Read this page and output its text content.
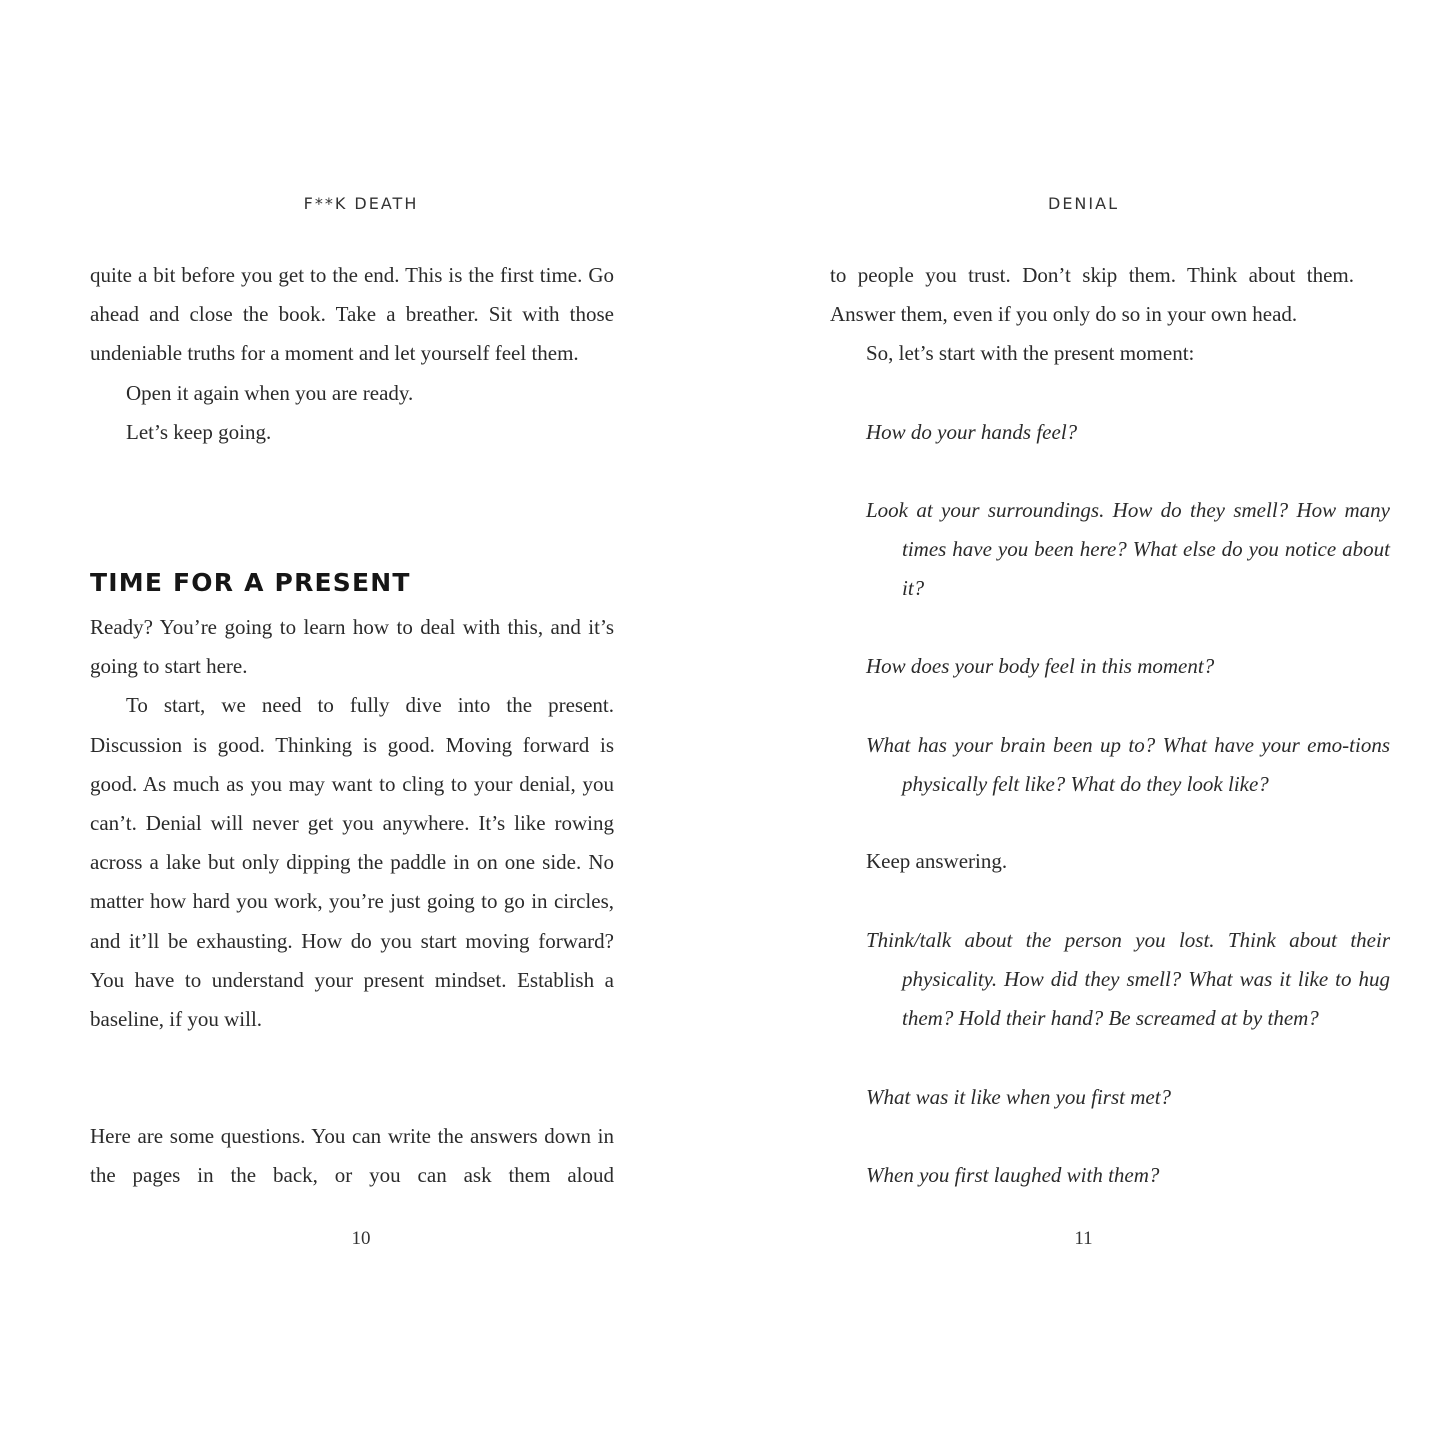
F**K DEATH

quite a bit before you get to the end. This is the first time. Go ahead and close the book. Take a breather. Sit with those undeniable truths for a moment and let yourself feel them.

Open it again when you are ready.

Let’s keep going.

TIME FOR A PRESENT

Ready? You’re going to learn how to deal with this, and it’s going to start here.

To start, we need to fully dive into the present. Discussion is good. Thinking is good. Moving forward is good. As much as you may want to cling to your denial, you can’t. Denial will never get you anywhere. It’s like rowing across a lake but only dipping the paddle in on one side. No matter how hard you work, you’re just going to go in circles, and it’ll be exhausting. How do you start moving forward? You have to understand your present mindset. Establish a baseline, if you will.

Here are some questions. You can write the answers down in the pages in the back, or you can ask them aloud

10
DENIAL

to people you trust. Don’t skip them. Think about them. Answer them, even if you only do so in your own head.

So, let’s start with the present moment:

How do your hands feel?

Look at your surroundings. How do they smell? How many times have you been here? What else do you notice about it?

How does your body feel in this moment?

What has your brain been up to? What have your emo-tions physically felt like? What do they look like?

Keep answering.

Think/talk about the person you lost. Think about their physicality. How did they smell? What was it like to hug them? Hold their hand? Be screamed at by them?

What was it like when you first met?

When you first laughed with them?

11
